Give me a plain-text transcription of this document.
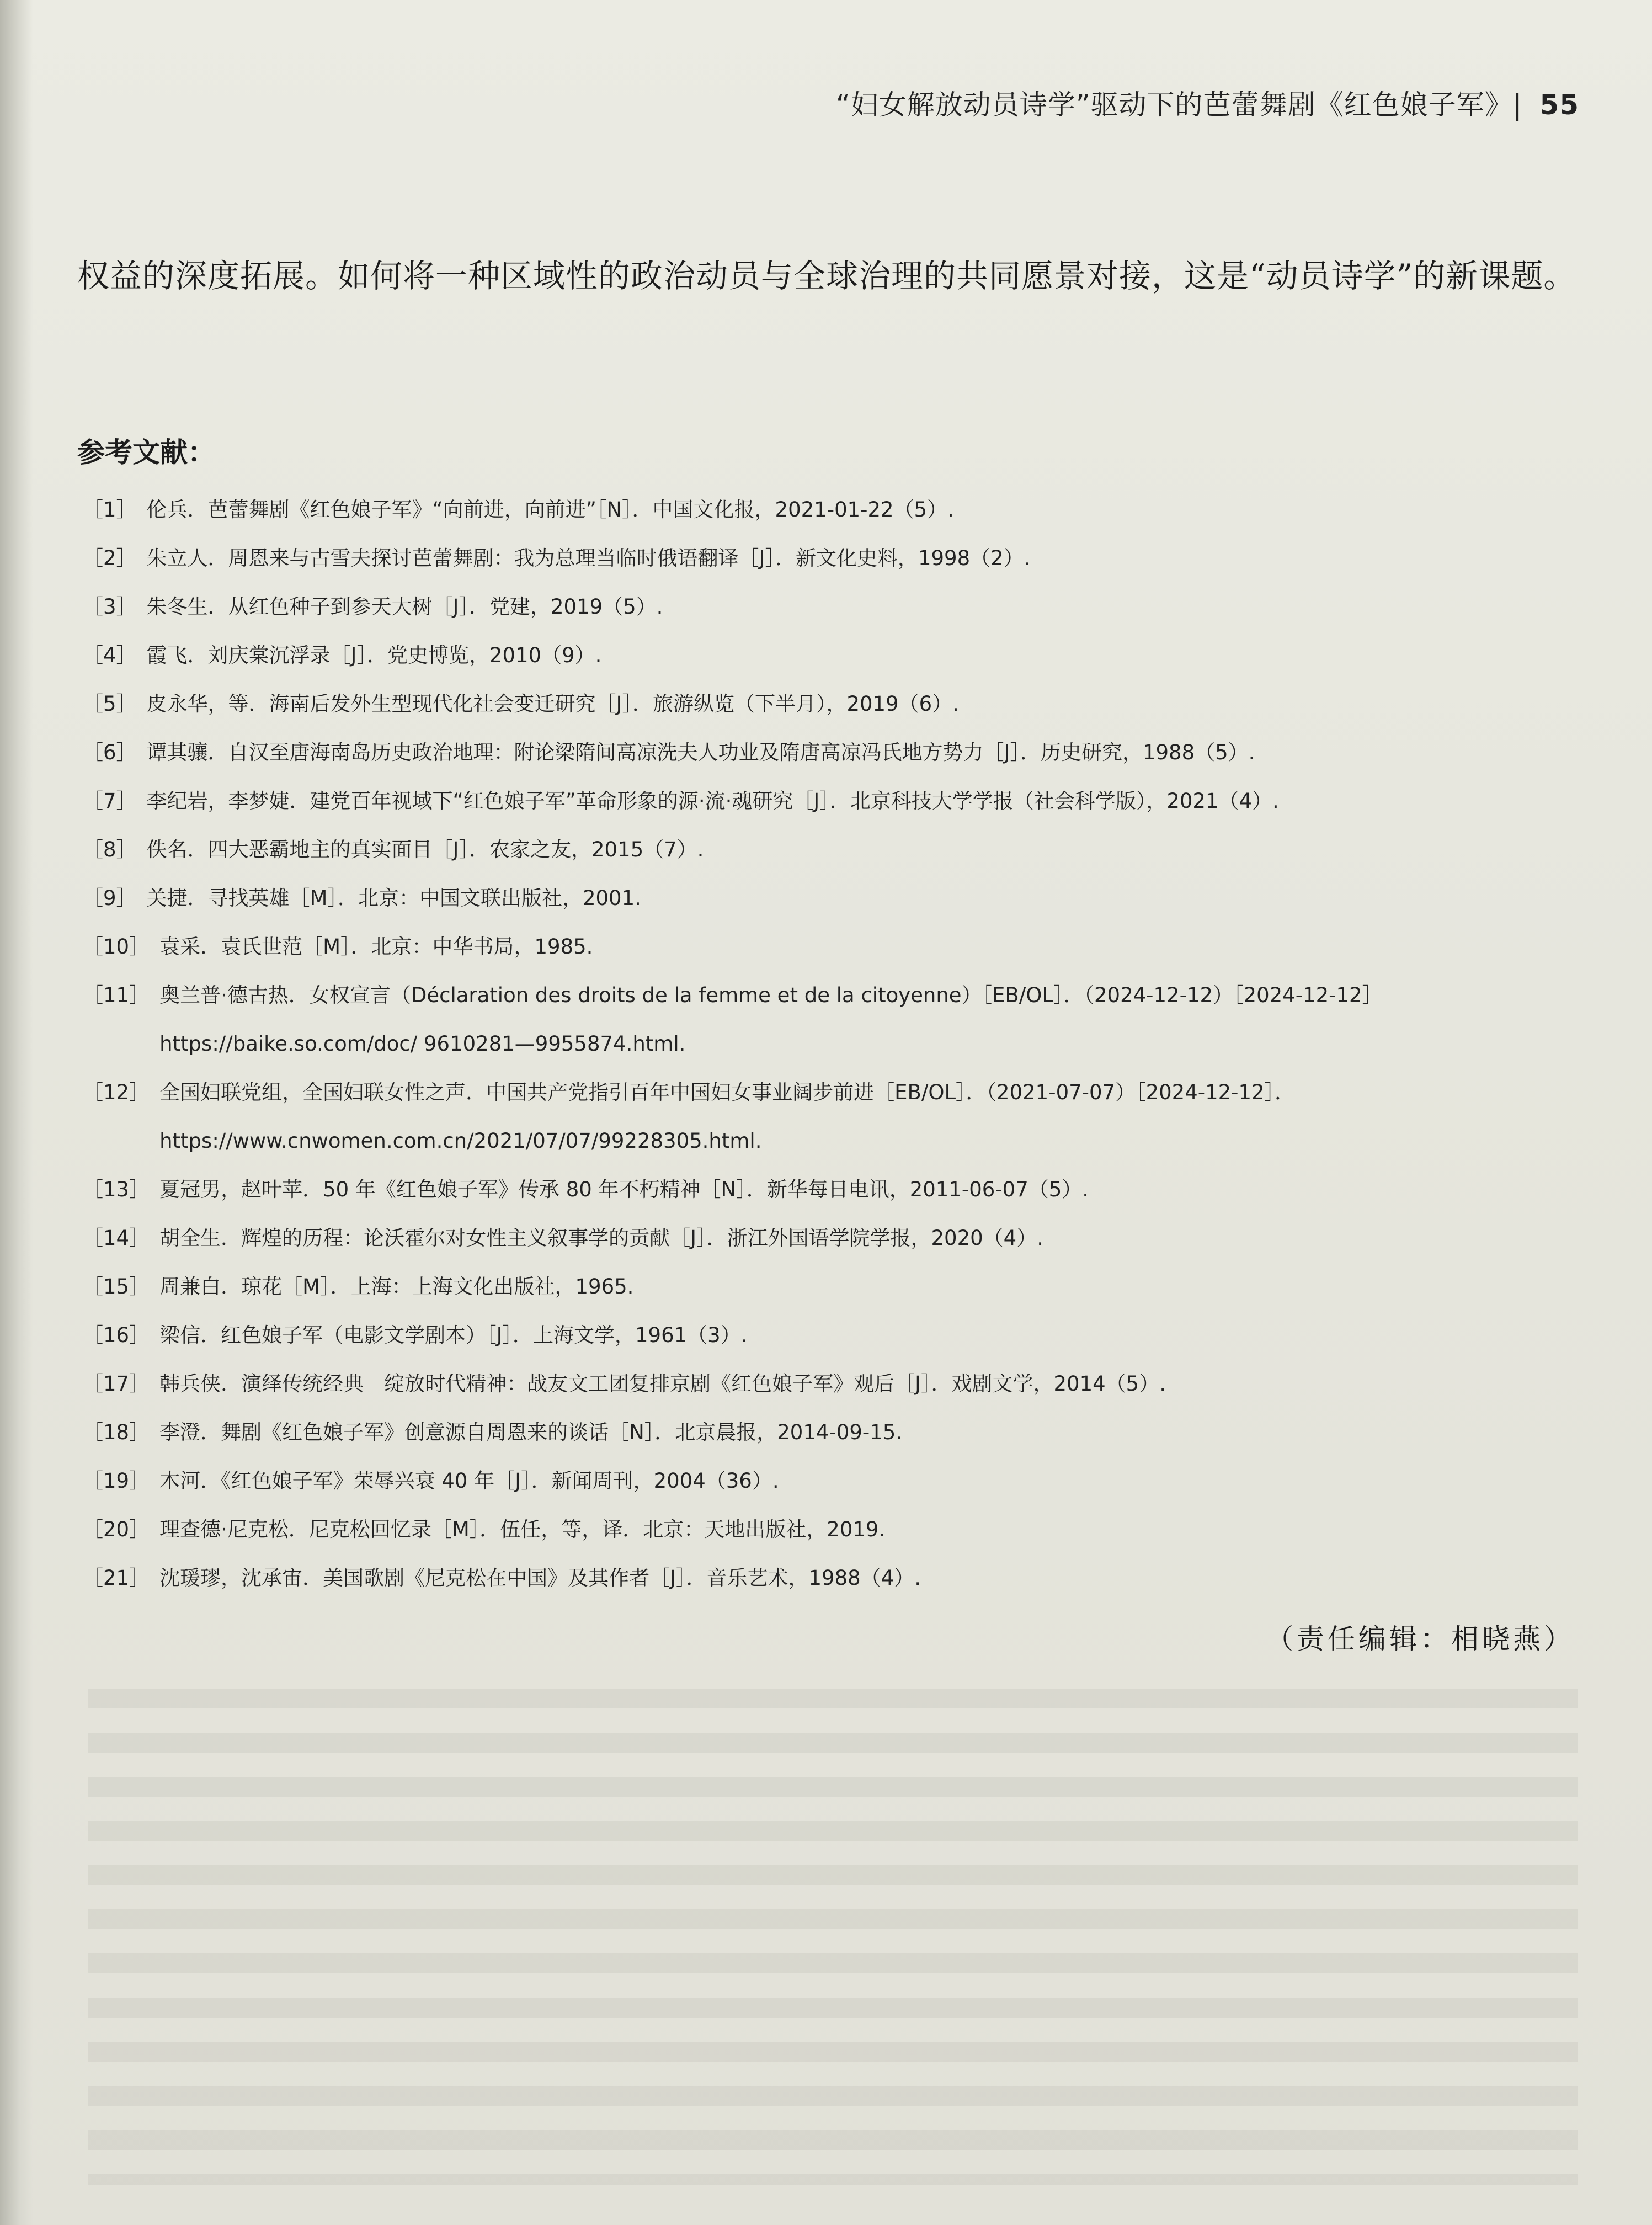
“妇女解放动员诗学”驱动下的芭蕾舞剧《红色娘子军》| 55
权益的深度拓展。如何将一种区域性的政治动员与全球治理的共同愿景对接，这是“动员诗学”的新课题。
参考文献：
［1］ 伦兵．芭蕾舞剧《红色娘子军》“向前进，向前进”［N］．中国文化报，2021-01-22（5）.
［2］ 朱立人．周恩来与古雪夫探讨芭蕾舞剧：我为总理当临时俄语翻译［J］．新文化史料，1998（2）.
［3］ 朱冬生．从红色种子到参天大树［J］．党建，2019（5）.
［4］ 霞飞．刘庆棠沉浮录［J］．党史博览，2010（9）.
［5］ 皮永华，等．海南后发外生型现代化社会变迁研究［J］．旅游纵览（下半月），2019（6）.
［6］ 谭其骧．自汉至唐海南岛历史政治地理：附论梁隋间高凉洗夫人功业及隋唐高凉冯氏地方势力［J］．历史研究，1988（5）.
［7］ 李纪岩，李梦婕．建党百年视域下“红色娘子军”革命形象的源·流·魂研究［J］．北京科技大学学报（社会科学版），2021（4）.
［8］ 佚名．四大恶霸地主的真实面目［J］．农家之友，2015（7）.
［9］ 关捷．寻找英雄［M］．北京：中国文联出版社，2001.
［10］ 袁采．袁氏世范［M］．北京：中华书局，1985.
［11］ 奥兰普·德古热．女权宣言（Déclaration des droits de la femme et de la citoyenne）［EB/OL］．（2024-12-12）［2024-12-12］https://baike.so.com/doc/ 9610281—9955874.html.
［12］ 全国妇联党组，全国妇联女性之声．中国共产党指引百年中国妇女事业阔步前进［EB/OL］．（2021-07-07）［2024-12-12］．https://www.cnwomen.com.cn/2021/07/07/99228305.html.
［13］ 夏冠男，赵叶苹．50 年《红色娘子军》传承 80 年不朽精神［N］．新华每日电讯，2011-06-07（5）.
［14］ 胡全生．辉煌的历程：论沃霍尔对女性主义叙事学的贡献［J］．浙江外国语学院学报，2020（4）.
［15］ 周兼白．琼花［M］．上海：上海文化出版社，1965.
［16］ 梁信．红色娘子军（电影文学剧本）［J］．上海文学，1961（3）.
［17］ 韩兵侠．演绎传统经典　绽放时代精神：战友文工团复排京剧《红色娘子军》观后［J］．戏剧文学，2014（5）.
［18］ 李澄．舞剧《红色娘子军》创意源自周恩来的谈话［N］．北京晨报，2014-09-15.
［19］ 木河．《红色娘子军》荣辱兴衰 40 年［J］．新闻周刊，2004（36）.
［20］ 理查德·尼克松．尼克松回忆录［M］．伍任，等，译．北京：天地出版社，2019.
［21］ 沈瑗璆，沈承宙．美国歌剧《尼克松在中国》及其作者［J］．音乐艺术，1988（4）.
（责任编辑：相晓燕）
